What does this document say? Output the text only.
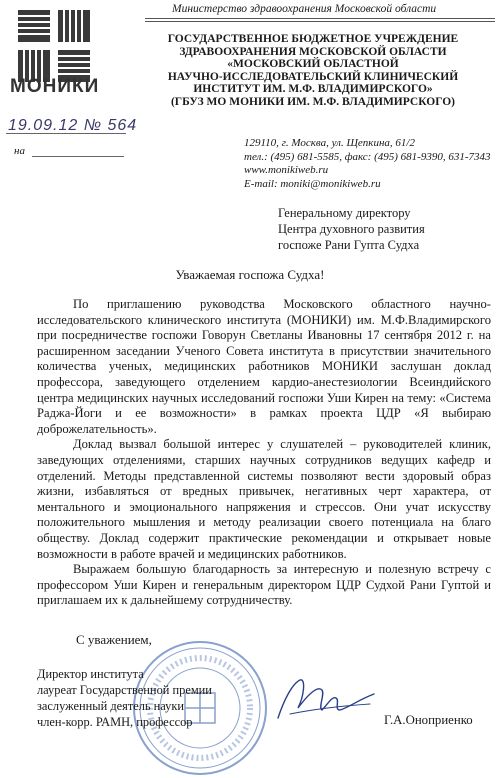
Министерство здравоохранения Московской области
МОНИКИ
ГОСУДАРСТВЕННОЕ БЮДЖЕТНОЕ УЧРЕЖДЕНИЕ
ЗДРАВООХРАНЕНИЯ МОСКОВСКОЙ ОБЛАСТИ
«МОСКОВСКИЙ ОБЛАСТНОЙ
НАУЧНО-ИССЛЕДОВАТЕЛЬСКИЙ КЛИНИЧЕСКИЙ
ИНСТИТУТ ИМ. М.Ф. ВЛАДИМИРСКОГО»
(ГБУЗ МО МОНИКИ ИМ. М.Ф. ВЛАДИМИРСКОГО)
19.09.12 № 564
на
129110, г. Москва, ул. Щепкина, 61/2
тел.: (495) 681-5585, факс: (495) 681-9390, 631-7343
www.monikiweb.ru
E-mail: moniki@monikiweb.ru
Генеральному директору
Центра духовного развития
госпоже Рани Гупта Судха
Уважаемая госпожа Судха!

По приглашению руководства Московского областного научно-исследовательского клинического института (МОНИКИ) им. М.Ф.Владимирского при посредничестве госпожи Говорун Светланы Ивановны 17 сентября 2012 г. на расширенном заседании Ученого Совета института в присутствии значительного количества ученых, медицинских работников МОНИКИ заслушан доклад профессора, заведующего отделением кардио-анестезиологии Всеиндийского центра медицинских научных исследований госпожи Уши Кирен на тему: «Система Раджа-Йоги и ее возможности» в рамках проекта ЦДР «Я выбираю доброжелательность».

Доклад вызвал большой интерес у слушателей – руководителей клиник, заведующих отделениями, старших научных сотрудников ведущих кафедр и отделений. Методы представленной системы позволяют вести здоровый образ жизни, избавляться от вредных привычек, негативных черт характера, от ментального и эмоционального напряжения и стрессов. Они учат искусству положительного мышления и методу реализации своего потенциала на благо обществу. Доклад содержит практические рекомендации и открывает новые возможности в работе врачей и медицинских работников.

Выражаем большую благодарность за интересную и полезную встречу с профессором Уши Кирен и генеральным директором ЦДР Судхой Рани Гуптой и приглашаем их к дальнейшему сотрудничеству.

С уважением,
Директор института
лауреат Государственной премии
заслуженный деятель науки
член-корр. РАМН, профессор	Г.А.Оноприенко
